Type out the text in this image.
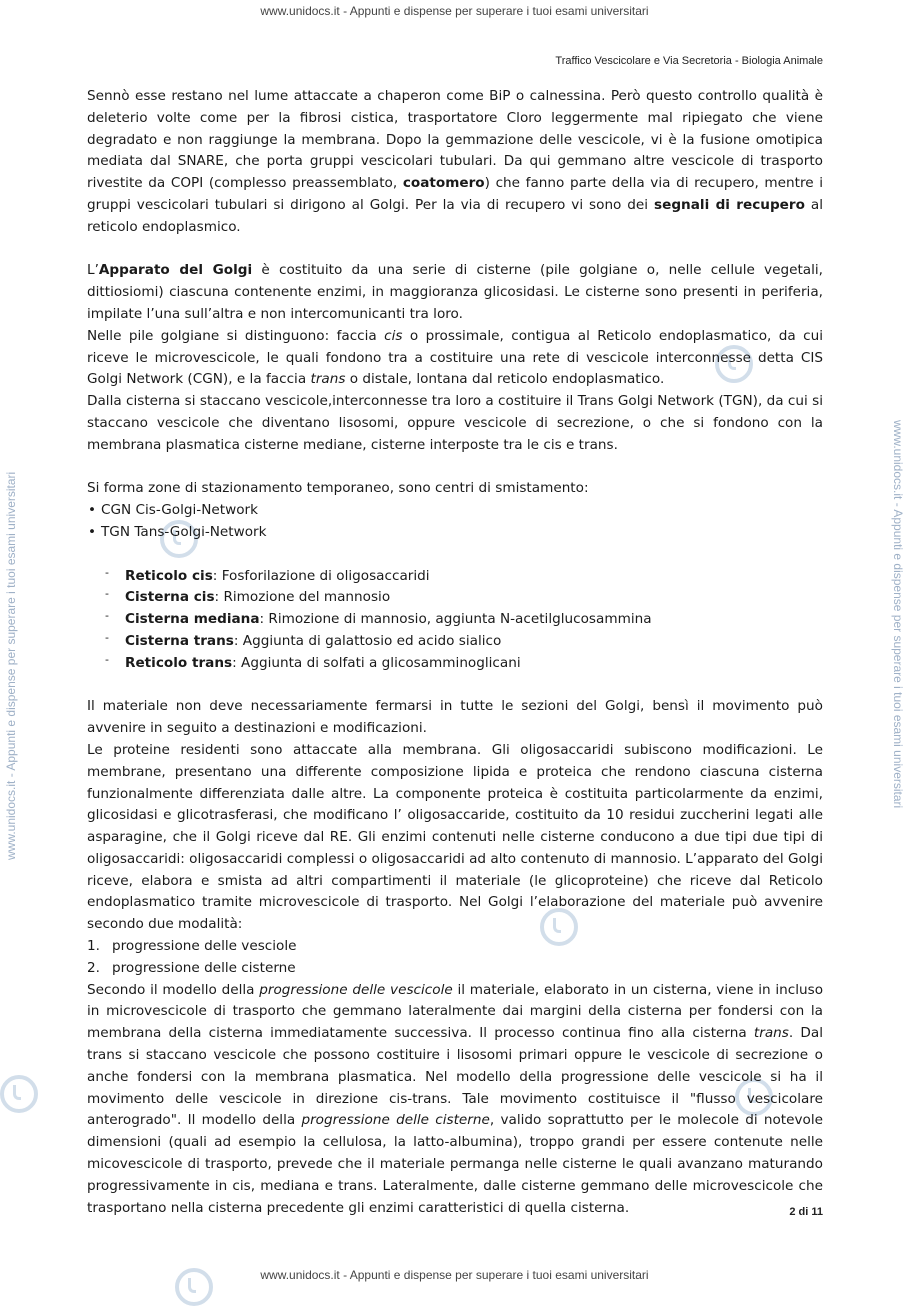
www.unidocs.it - Appunti e dispense per superare i tuoi esami universitari
www.unidocs.it - Appunti e dispense per superare i tuoi esami universitari
www.unidocs.it - Appunti e dispense per superare i tuoi esami universitari	www.unidocs.it - Appunti e dispense per superare i tuoi esami universitari
Traffico Vescicolare e Via Secretoria - Biologia Animale

Sennò esse restano nel lume attaccate a chaperon come BiP o calnessina. Però questo controllo qualità è deleterio volte come per la fibrosi cistica, trasportatore Cloro leggermente mal ripiegato che viene degradato e non raggiunge la membrana. Dopo la gemmazione delle vescicole, vi è la fusione omotipica mediata dal SNARE, che porta gruppi vescicolari tubulari. Da qui gemmano altre vescicole di trasporto rivestite da COPI (complesso preassemblato, coatomero) che fanno parte della via di recupero, mentre i gruppi vescicolari tubulari si dirigono al Golgi. Per la via di recupero vi sono dei segnali di recupero al reticolo endoplasmico.

L’Apparato del Golgi è costituito da una serie di cisterne (pile golgiane o, nelle cellule vegetali, dittiosiomi) ciascuna contenente enzimi, in maggioranza glicosidasi. Le cisterne sono presenti in periferia, impilate l’una sull’altra e non intercomunicanti tra loro.

Nelle pile golgiane si distinguono: faccia cis o prossimale, contigua al Reticolo endoplasmatico, da cui riceve le microvescicole, le quali fondono tra a costituire una rete di vescicole interconnesse detta CIS Golgi Network (CGN), e la faccia trans o distale, lontana dal reticolo endoplasmatico.

Dalla cisterna si staccano vescicole,interconnesse tra loro a costituire il Trans Golgi Network (TGN), da cui si staccano vescicole che diventano lisosomi, oppure vescicole di secrezione, o che si fondono con la membrana plasmatica cisterne mediane, cisterne interposte tra le cis e trans.

Si forma zone di stazionamento temporaneo, sono centri di smistamento:

• CGN Cis-Golgi-Network
• TGN Tans-Golgi-Network
- Reticolo cis: Fosforilazione di oligosaccaridi
- Cisterna cis: Rimozione del mannosio
- Cisterna mediana: Rimozione di mannosio, aggiunta N-acetilglucosammina
- Cisterna trans: Aggiunta di galattosio ed acido sialico
- Reticolo trans: Aggiunta di solfati a glicosamminoglicani

Il materiale non deve necessariamente fermarsi in tutte le sezioni del Golgi, bensì il movimento può avvenire in seguito a destinazioni e modificazioni.

Le proteine residenti sono attaccate alla membrana. Gli oligosaccaridi subiscono modificazioni. Le membrane, presentano una differente composizione lipida e proteica che rendono ciascuna cisterna funzionalmente differenziata dalle altre. La componente proteica è costituita particolarmente da enzimi, glicosidasi e glicotrasferasi, che modificano l’ oligosaccaride, costituito da 10 residui zuccherini legati alle asparagine, che il Golgi riceve dal RE. Gli enzimi contenuti nelle cisterne conducono a due tipi due tipi di oligosaccaridi: oligosaccaridi complessi o oligosaccaridi ad alto contenuto di mannosio. L’apparato del Golgi riceve, elabora e smista ad altri compartimenti il materiale (le glicoproteine) che riceve dal Reticolo endoplasmatico tramite microvescicole di trasporto. Nel Golgi l’elaborazione del materiale può avvenire secondo due modalità:

1. progressione delle vesciole
2. progressione delle cisterne

Secondo il modello della progressione delle vescicole il materiale, elaborato in un cisterna, viene in incluso in microvescicole di trasporto che gemmano lateralmente dai margini della cisterna per fondersi con la membrana della cisterna immediatamente successiva. Il processo continua fino alla cisterna trans. Dal trans si staccano vescicole che possono costituire i lisosomi primari oppure le vescicole di secrezione o anche fondersi con la membrana plasmatica. Nel modello della progressione delle vescicole si ha il movimento delle vescicole in direzione cis-trans. Tale movimento costituisce il "flusso vescicolare anterogrado". Il modello della progressione delle cisterne, valido soprattutto per le molecole di notevole dimensioni (quali ad esempio la cellulosa, la latto-albumina), troppo grandi per essere contenute nelle micovescicole di trasporto, prevede che il materiale permanga nelle cisterne le quali avanzano maturando progressivamente in cis, mediana e trans. Lateralmente, dalle cisterne gemmano delle microvescicole che trasportano nella cisterna precedente gli enzimi caratteristici di quella cisterna.	2 di 11
